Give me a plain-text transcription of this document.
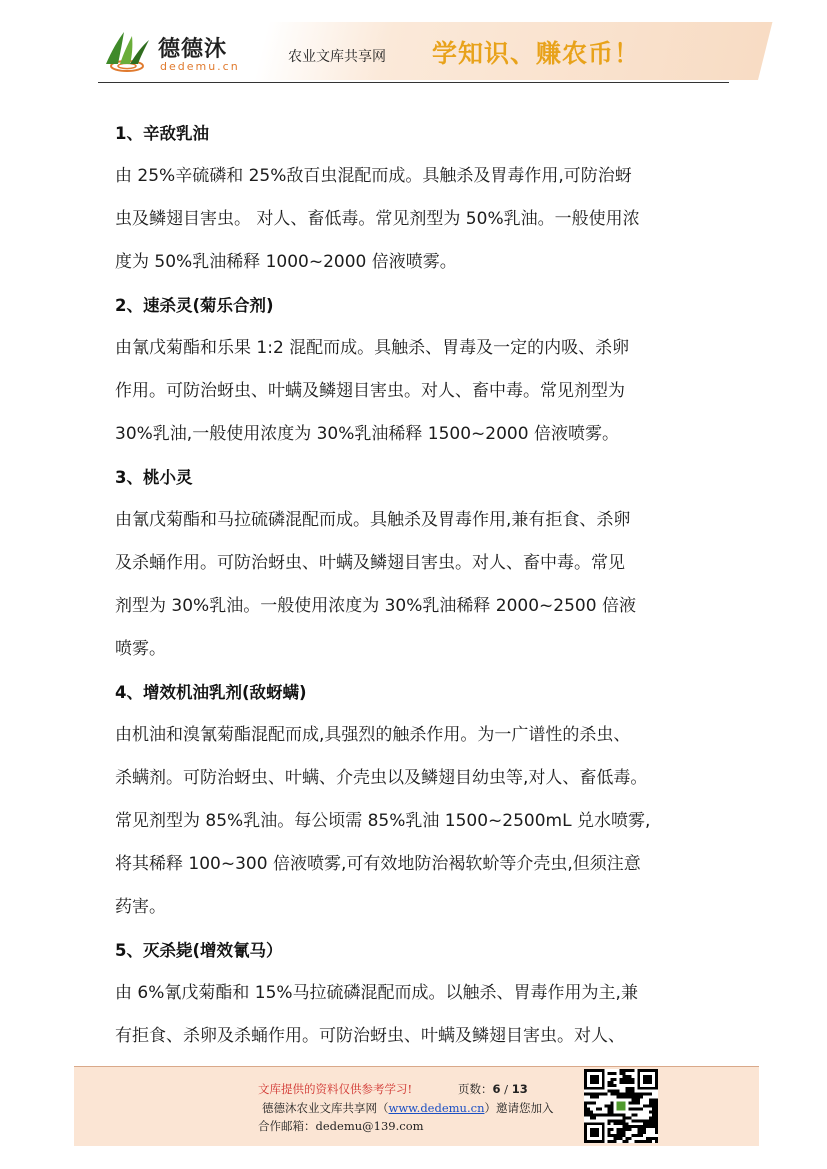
德德沐
dedemu.cn
农业文库共享网 学知识、赚农币！
1、辛敌乳油
由 25%辛硫磷和 25%敌百虫混配而成。具触杀及胃毒作用,可防治蚜
虫及鳞翅目害虫。 对人、畜低毒。常见剂型为 50%乳油。一般使用浓
度为 50%乳油稀释 1000~2000 倍液喷雾。
2、速杀灵(菊乐合剂)
由氰戊菊酯和乐果 1:2 混配而成。具触杀、胃毒及一定的内吸、杀卵
作用。可防治蚜虫、叶螨及鳞翅目害虫。对人、畜中毒。常见剂型为
30%乳油,一般使用浓度为 30%乳油稀释 1500~2000 倍液喷雾。
3、桃小灵
由氰戊菊酯和马拉硫磷混配而成。具触杀及胃毒作用,兼有拒食、杀卵
及杀蛹作用。可防治蚜虫、叶螨及鳞翅目害虫。对人、畜中毒。常见
剂型为 30%乳油。一般使用浓度为 30%乳油稀释 2000~2500 倍液
喷雾。
4、增效机油乳剂(敌蚜螨)
由机油和溴氰菊酯混配而成,具强烈的触杀作用。为一广谱性的杀虫、
杀螨剂。可防治蚜虫、叶螨、介壳虫以及鳞翅目幼虫等,对人、畜低毒。
常见剂型为 85%乳油。每公顷需 85%乳油 1500~2500mL 兑水喷雾,
将其稀释 100~300 倍液喷雾,可有效地防治褐软蚧等介壳虫,但须注意
药害。
5、灭杀毙(增效氰马）
由 6%氰戊菊酯和 15%马拉硫磷混配而成。以触杀、胃毒作用为主,兼
有拒食、杀卵及杀蛹作用。可防治蚜虫、叶螨及鳞翅目害虫。对人、
文库提供的资料仅供参考学习!	页数：6 / 13
德德沐农业文库共享网（www.dedemu.cn）邀请您加入
合作邮箱：dedemu@139.com
